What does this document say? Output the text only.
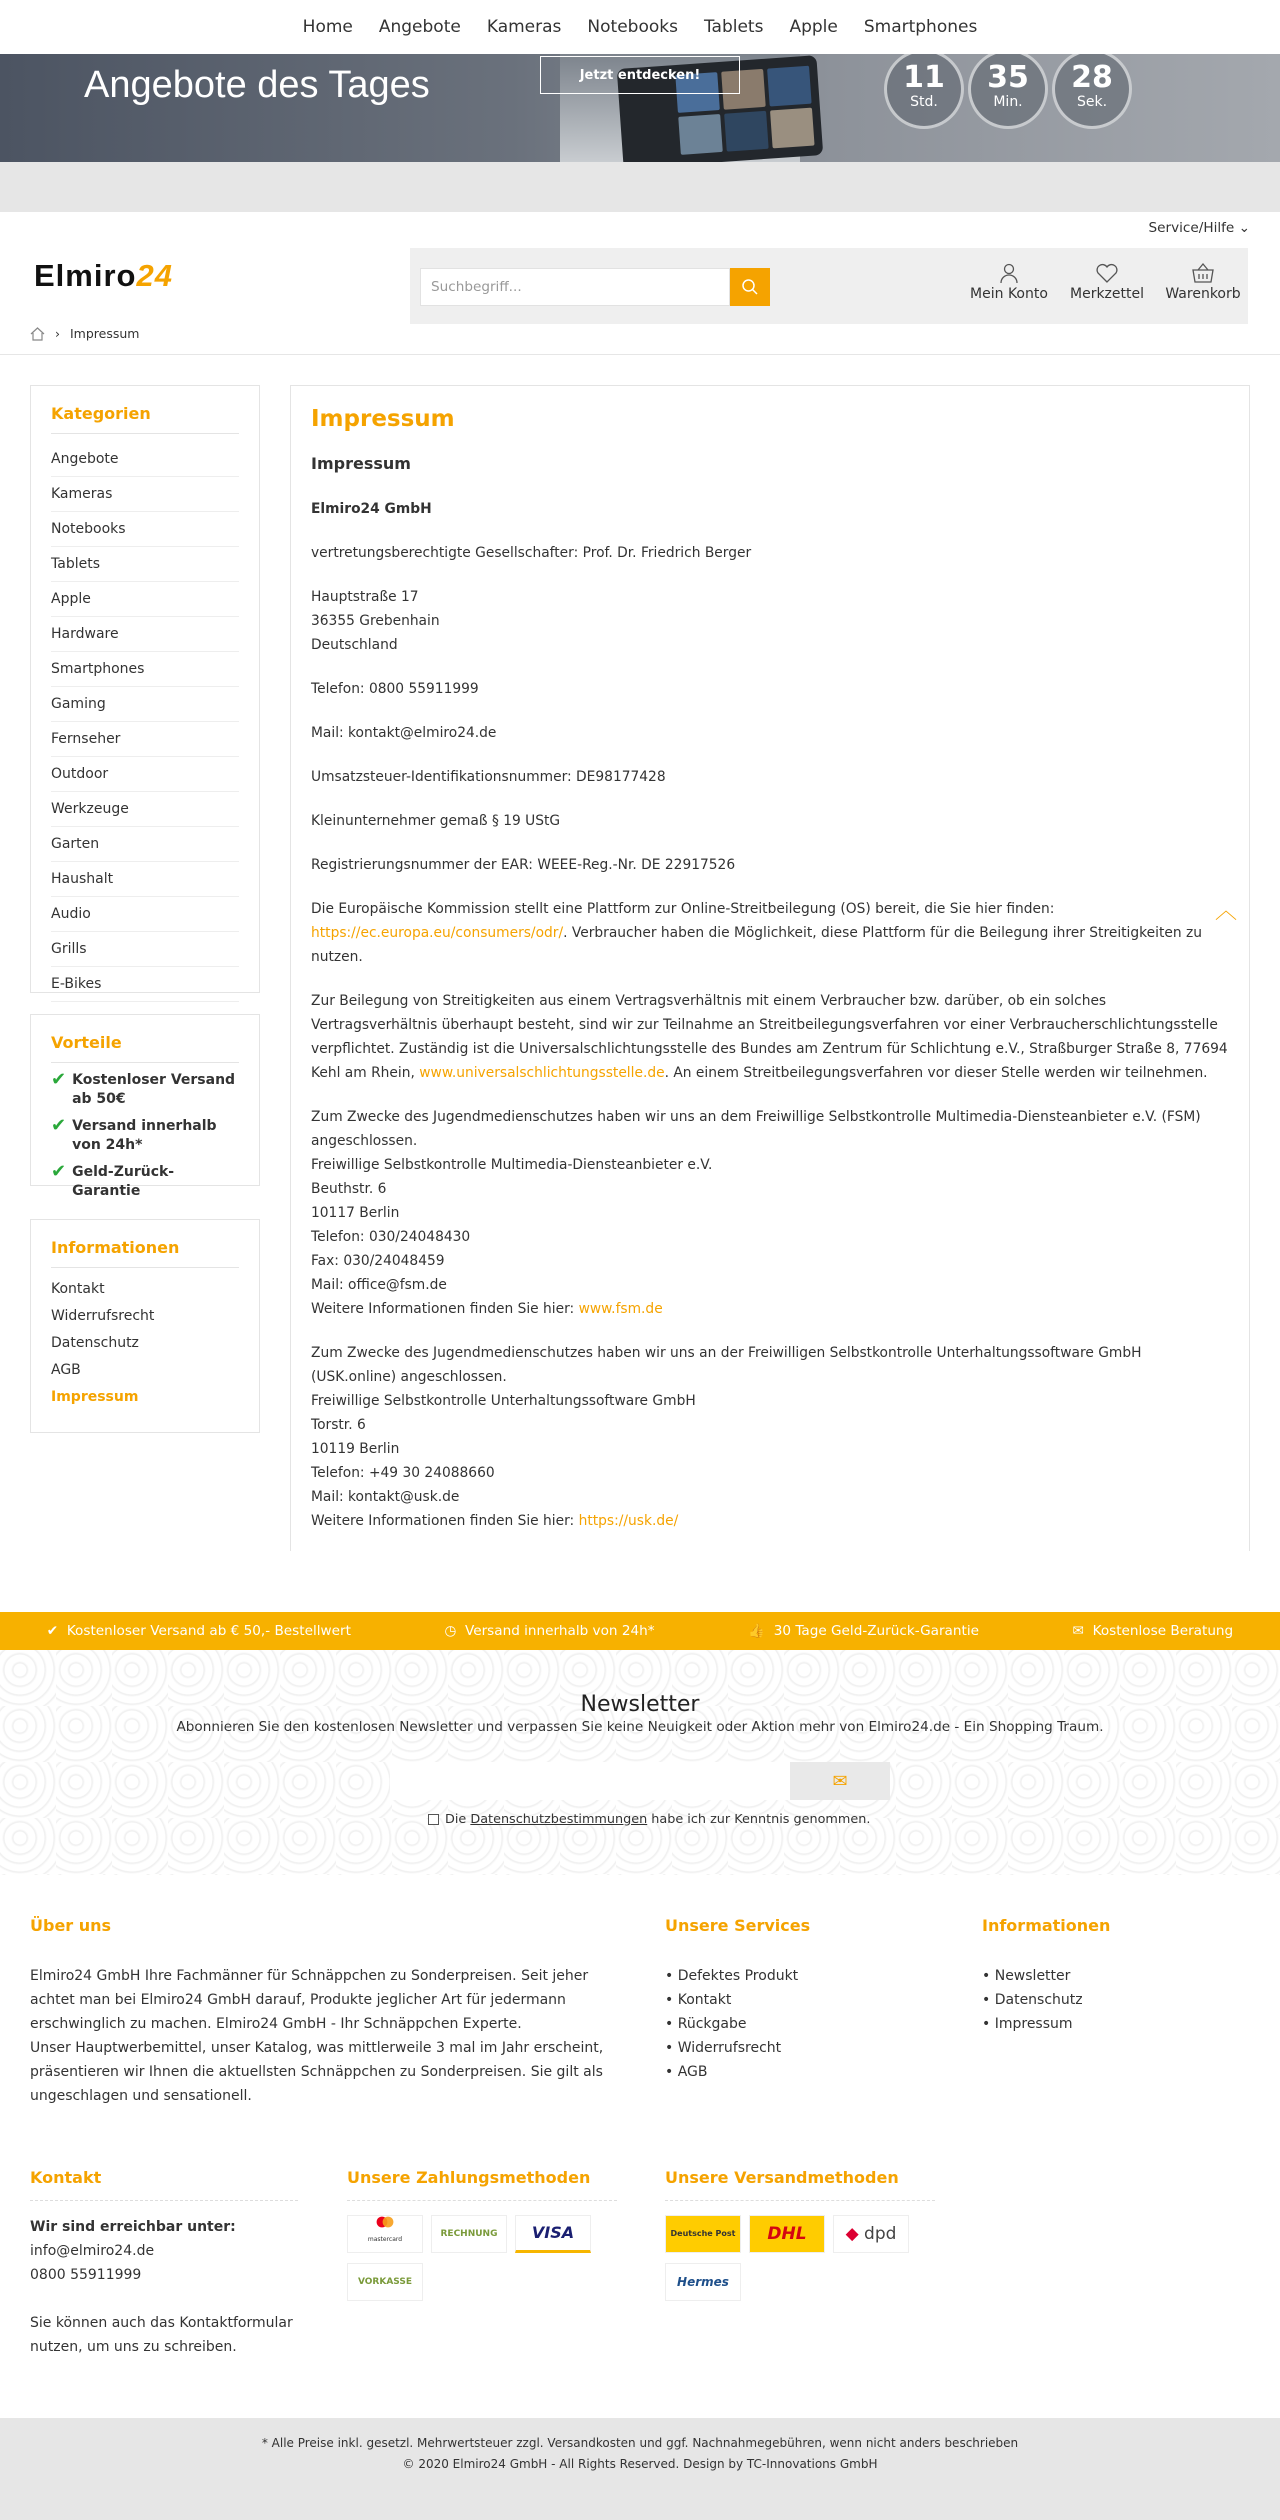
Home Angebote Kameras Notebooks Tablets Apple Smartphones
Angebote des Tages	Jetzt entdecken!	11
Std.
35
Min.
28
Sek.
Service/Hilfe ⌄
Elmiro24	Suchbegriff...	Mein Konto	Merkzettel	Warenkorb
› Impressum
Kategorien
Angebote
Kameras
Notebooks
Tablets
Apple
Hardware
Smartphones
Gaming
Fernseher
Outdoor
Werkzeuge
Garten
Haushalt
Audio
Grills
E-Bikes
Vorteile
✔ Kostenloser Versand ab 50€
✔ Versand innerhalb von 24h*
✔ Geld-Zurück-Garantie
Informationen
Kontakt
Widerrufsrecht
Datenschutz
AGB
Impressum
Impressum
Impressum

Elmiro24 GmbH

vertretungsberechtigte Gesellschafter: Prof. Dr. Friedrich Berger

Hauptstraße 17
36355 Grebenhain
Deutschland

Telefon: 0800 55911999

Mail: kontakt@elmiro24.de

Umsatzsteuer-Identifikationsnummer: DE98177428

Kleinunternehmer gemaß § 19 UStG

Registrierungsnummer der EAR: WEEE-Reg.-Nr. DE 22917526

Die Europäische Kommission stellt eine Plattform zur Online-Streitbeilegung (OS) bereit, die Sie hier finden: https://ec.europa.eu/consumers/odr/. Verbraucher haben die Möglichkeit, diese Plattform für die Beilegung ihrer Streitigkeiten zu nutzen.

Zur Beilegung von Streitigkeiten aus einem Vertragsverhältnis mit einem Verbraucher bzw. darüber, ob ein solches Vertragsverhältnis überhaupt besteht, sind wir zur Teilnahme an Streitbeilegungsverfahren vor einer Verbraucherschlichtungsstelle verpflichtet. Zuständig ist die Universalschlichtungsstelle des Bundes am Zentrum für Schlichtung e.V., Straßburger Straße 8, 77694 Kehl am Rhein, www.universalschlichtungsstelle.de. An einem Streitbeilegungsverfahren vor dieser Stelle werden wir teilnehmen.

Zum Zwecke des Jugendmedienschutzes haben wir uns an dem Freiwillige Selbstkontrolle Multimedia-Diensteanbieter e.V. (FSM) angeschlossen.
Freiwillige Selbstkontrolle Multimedia-Diensteanbieter e.V.
Beuthstr. 6
10117 Berlin
Telefon: 030/24048430
Fax: 030/24048459
Mail: office@fsm.de
Weitere Informationen finden Sie hier: www.fsm.de

Zum Zwecke des Jugendmedienschutzes haben wir uns an der Freiwilligen Selbstkontrolle Unterhaltungssoftware GmbH (USK.online) angeschlossen.
Freiwillige Selbstkontrolle Unterhaltungssoftware GmbH
Torstr. 6
10119 Berlin
Telefon: +49 30 24088660
Mail: kontakt@usk.de
Weitere Informationen finden Sie hier: https://usk.de/

︿
✔ Kostenloser Versand ab € 50,- Bestellwert	◷ Versand innerhalb von 24h*	👍 30 Tage Geld-Zurück-Garantie	✉ Kostenlose Beratung
Newsletter
Abonnieren Sie den kostenlosen Newsletter und verpassen Sie keine Neuigkeit oder Aktion mehr von Elmiro24.de - Ein Shopping Traum.
✉
Die Datenschutzbestimmungen habe ich zur Kenntnis genommen.
Über uns
Elmiro24 GmbH Ihre Fachmänner für Schnäppchen zu Sonderpreisen. Seit jeher achtet man bei Elmiro24 GmbH darauf, Produkte jeglicher Art für jedermann erschwinglich zu machen. Elmiro24 GmbH - Ihr Schnäppchen Experte.
Unser Hauptwerbemittel, unser Katalog, was mittlerweile 3 mal im Jahr erscheint, präsentieren wir Ihnen die aktuellsten Schnäppchen zu Sonderpreisen. Sie gilt als ungeschlagen und sensationell.
Unsere Services
• Defektes Produkt
• Kontakt
• Rückgabe
• Widerrufsrecht
• AGB
Informationen
• Newsletter
• Datenschutz
• Impressum
Kontakt
Wir sind erreichbar unter:
info@elmiro24.de
0800 55911999
Sie können auch das Kontaktformular nutzen, um uns zu schreiben.
Unsere Zahlungsmethoden
mastercard
RECHNUNG VISA
VORKASSE
Unsere Versandmethoden
Deutsche Post DHL ◆
dpd
Hermes
* Alle Preise inkl. gesetzl. Mehrwertsteuer zzgl. Versandkosten und ggf. Nachnahmegebühren, wenn nicht anders beschrieben
© 2020 Elmiro24 GmbH - All Rights Reserved. Design by TC-Innovations GmbH
